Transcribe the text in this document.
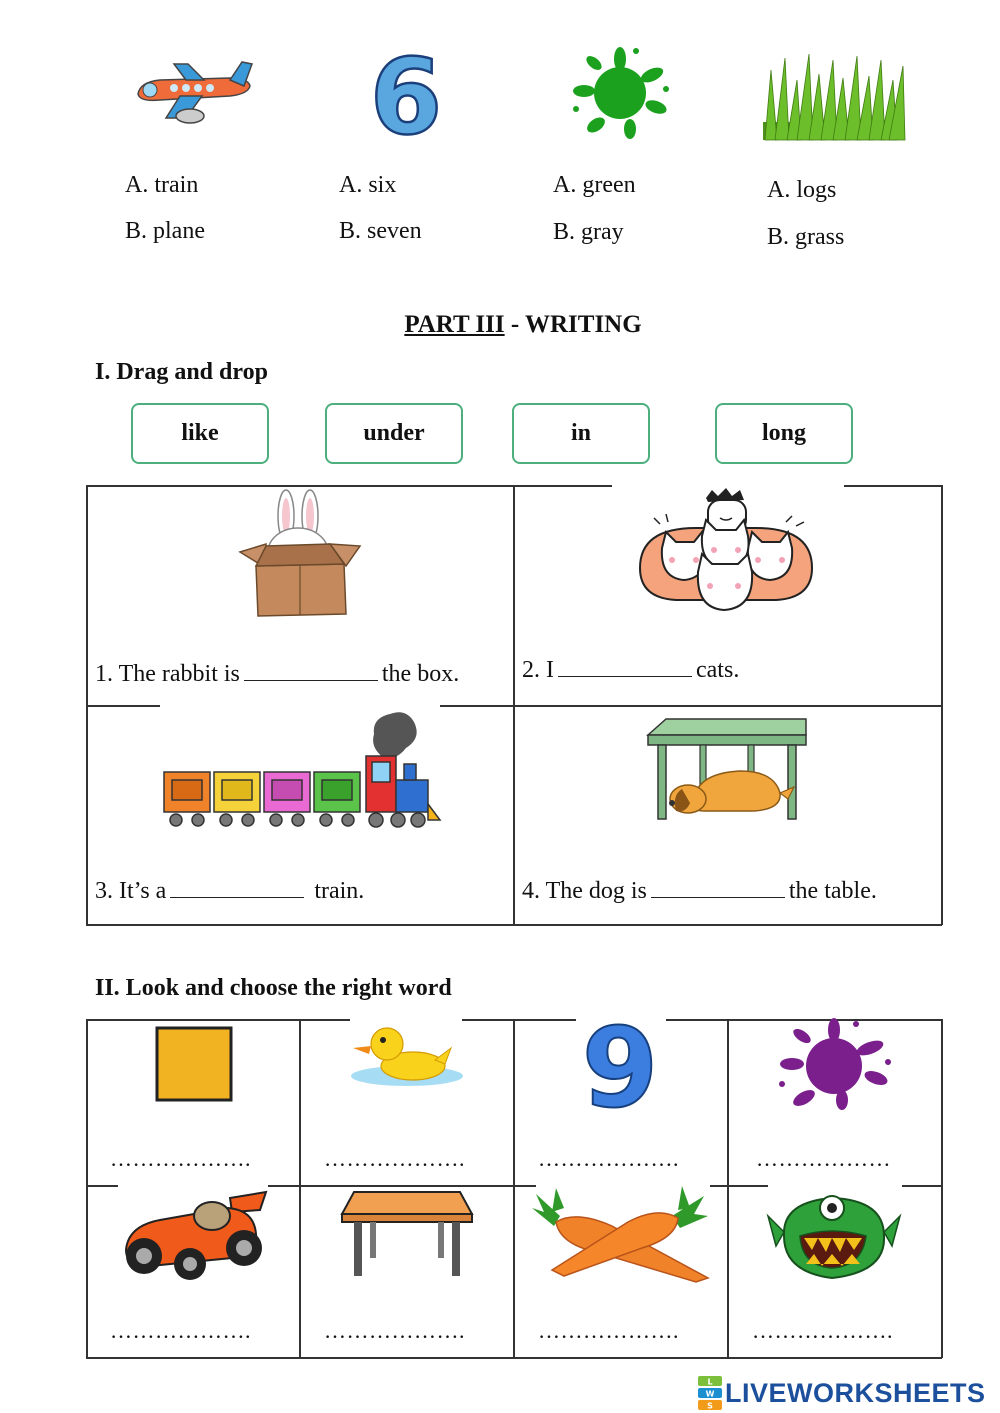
6
A. train
B. plane
A. six
B. seven
A. green
B. gray
A. logs
B. grass
PART III - WRITING
I. Drag and drop
like	under	in	long
1. The rabbit is	the box.	2. I	cats.
3. It’s a	train.	4. The dog is	the table.
II. Look and choose the right word
9
……………….	……………….	……………….	………………
……………….	……………….	……………….	……………….
L
W
S LIVEWORKSHEETS
